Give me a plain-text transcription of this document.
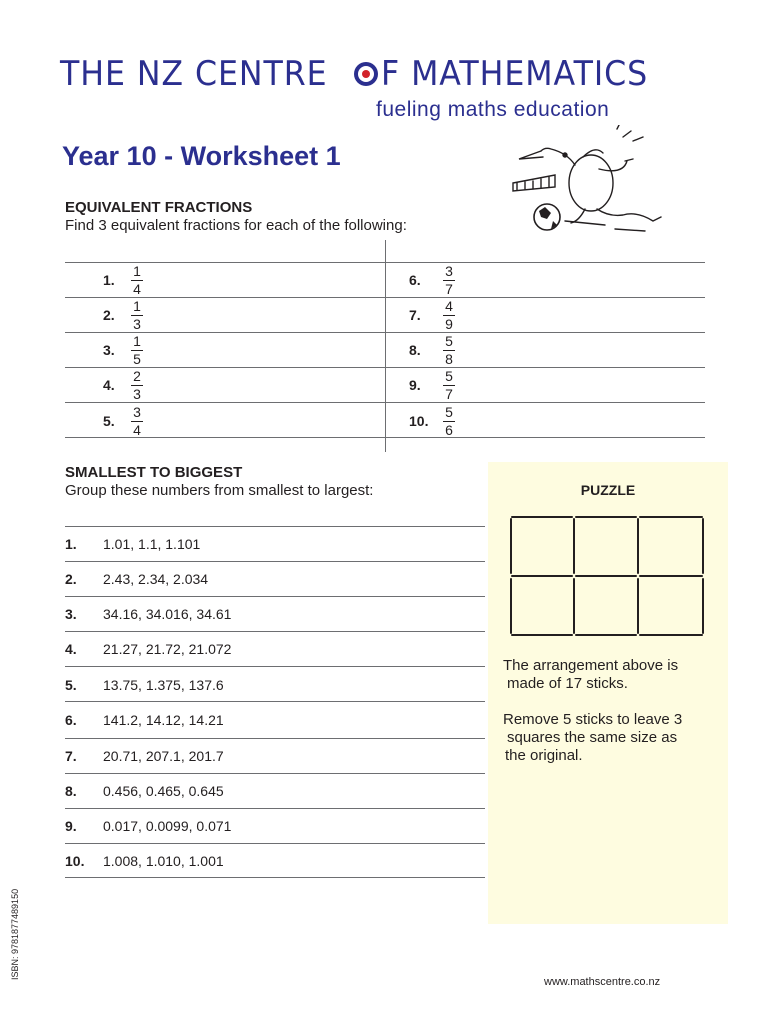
THE NZ CENTRE F MATHEMATICS
fueling maths education
Year 10 - Worksheet 1
EQUIVALENT FRACTIONS
Find 3 equivalent fractions for each of the following:
1.
1
4
2.
1
3
3.
1
5
4.
2
3
5.
3
4
6.
3
7
7.
4
9
8.
5
8
9.
5
7
10.
5
6
SMALLEST TO BIGGEST
Group these numbers from smallest to largest:
1. 1.01, 1.1, 1.101
2. 2.43, 2.34, 2.034
3. 34.16, 34.016, 34.61
4. 21.27, 21.72, 21.072
5. 13.75, 1.375, 137.6
6. 141.2, 14.12, 14.21
7. 20.71, 207.1, 201.7
8. 0.456, 0.465, 0.645
9. 0.017, 0.0099, 0.071
10. 1.008, 1.010, 1.001
PUZZLE
The arrangement above is
made of 17 sticks.
Remove 5 sticks to leave 3
squares the same size as
the original.
ISBN: 9781877489150
www.mathscentre.co.nz
